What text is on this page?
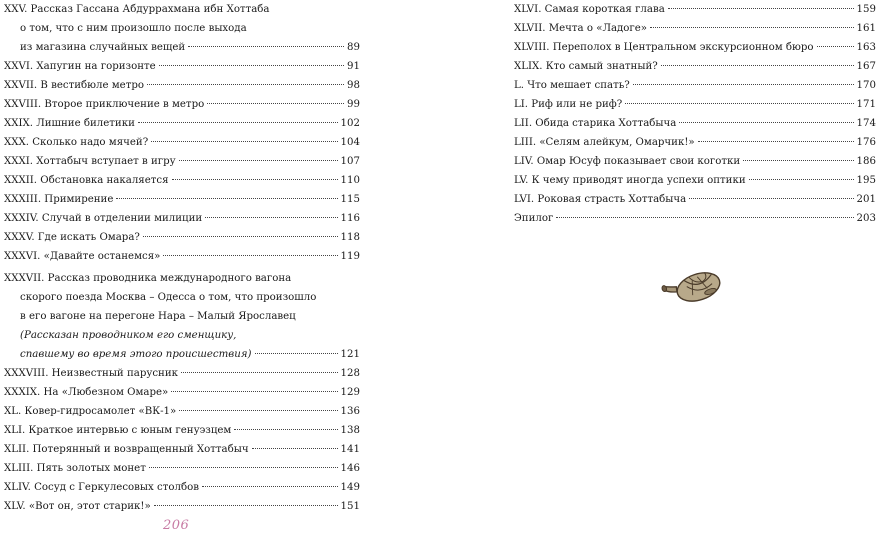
XXV. Рассказ Гассана Абдуррахмана ибн Хоттаба
о том, что с ним произошло после выхода
из магазина случайных вещей	89
XXVI. Хапугин на горизонте	91
XXVII. В вестибюле метро	98
XXVIII. Второе приключение в метро	99
XXIX. Лишние билетики	102
XXX. Сколько надо мячей?	104
XXXI. Хоттабыч вступает в игру	107
XXXII. Обстановка накаляется	110
XXXIII. Примирение	115
XXXIV. Случай в отделении милиции	116
XXXV. Где искать Омара?	118
XXXVI. «Давайте останемся»	119
XXXVII. Рассказ проводника международного вагона
скорого поезда Москва – Одесса о том, что произошло
в его вагоне на перегоне Нара – Малый Ярославец
(Рассказан проводником его сменщику,
спавшему во время этого происшествия)	121
XXXVIII. Неизвестный парусник	128
XXXIX. На «Любезном Омаре»	129
XL. Ковер-гидросамолет «ВК-1»	136
XLI. Краткое интервью с юным генуэзцем	138
XLII. Потерянный и возвращенный Хоттабыч	141
XLIII. Пять золотых монет	146
XLIV. Сосуд с Геркулесовых столбов	149
XLV. «Вот он, этот старик!»	151
XLVI. Самая короткая глава	159
XLVII. Мечта о «Ладоге»	161
XLVIII. Переполох в Центральном экскурсионном бюро	163
XLIX. Кто самый знатный?	167
L. Что мешает спать?	170
LI. Риф или не риф?	171
LII. Обида старика Хоттабыча	174
LIII. «Селям алейкум, Омарчик!»	176
LIV. Омар Юсуф показывает свои коготки	186
LV. К чему приводят иногда успехи оптики	195
LVI. Роковая страсть Хоттабыча	201
Эпилог	203
206
